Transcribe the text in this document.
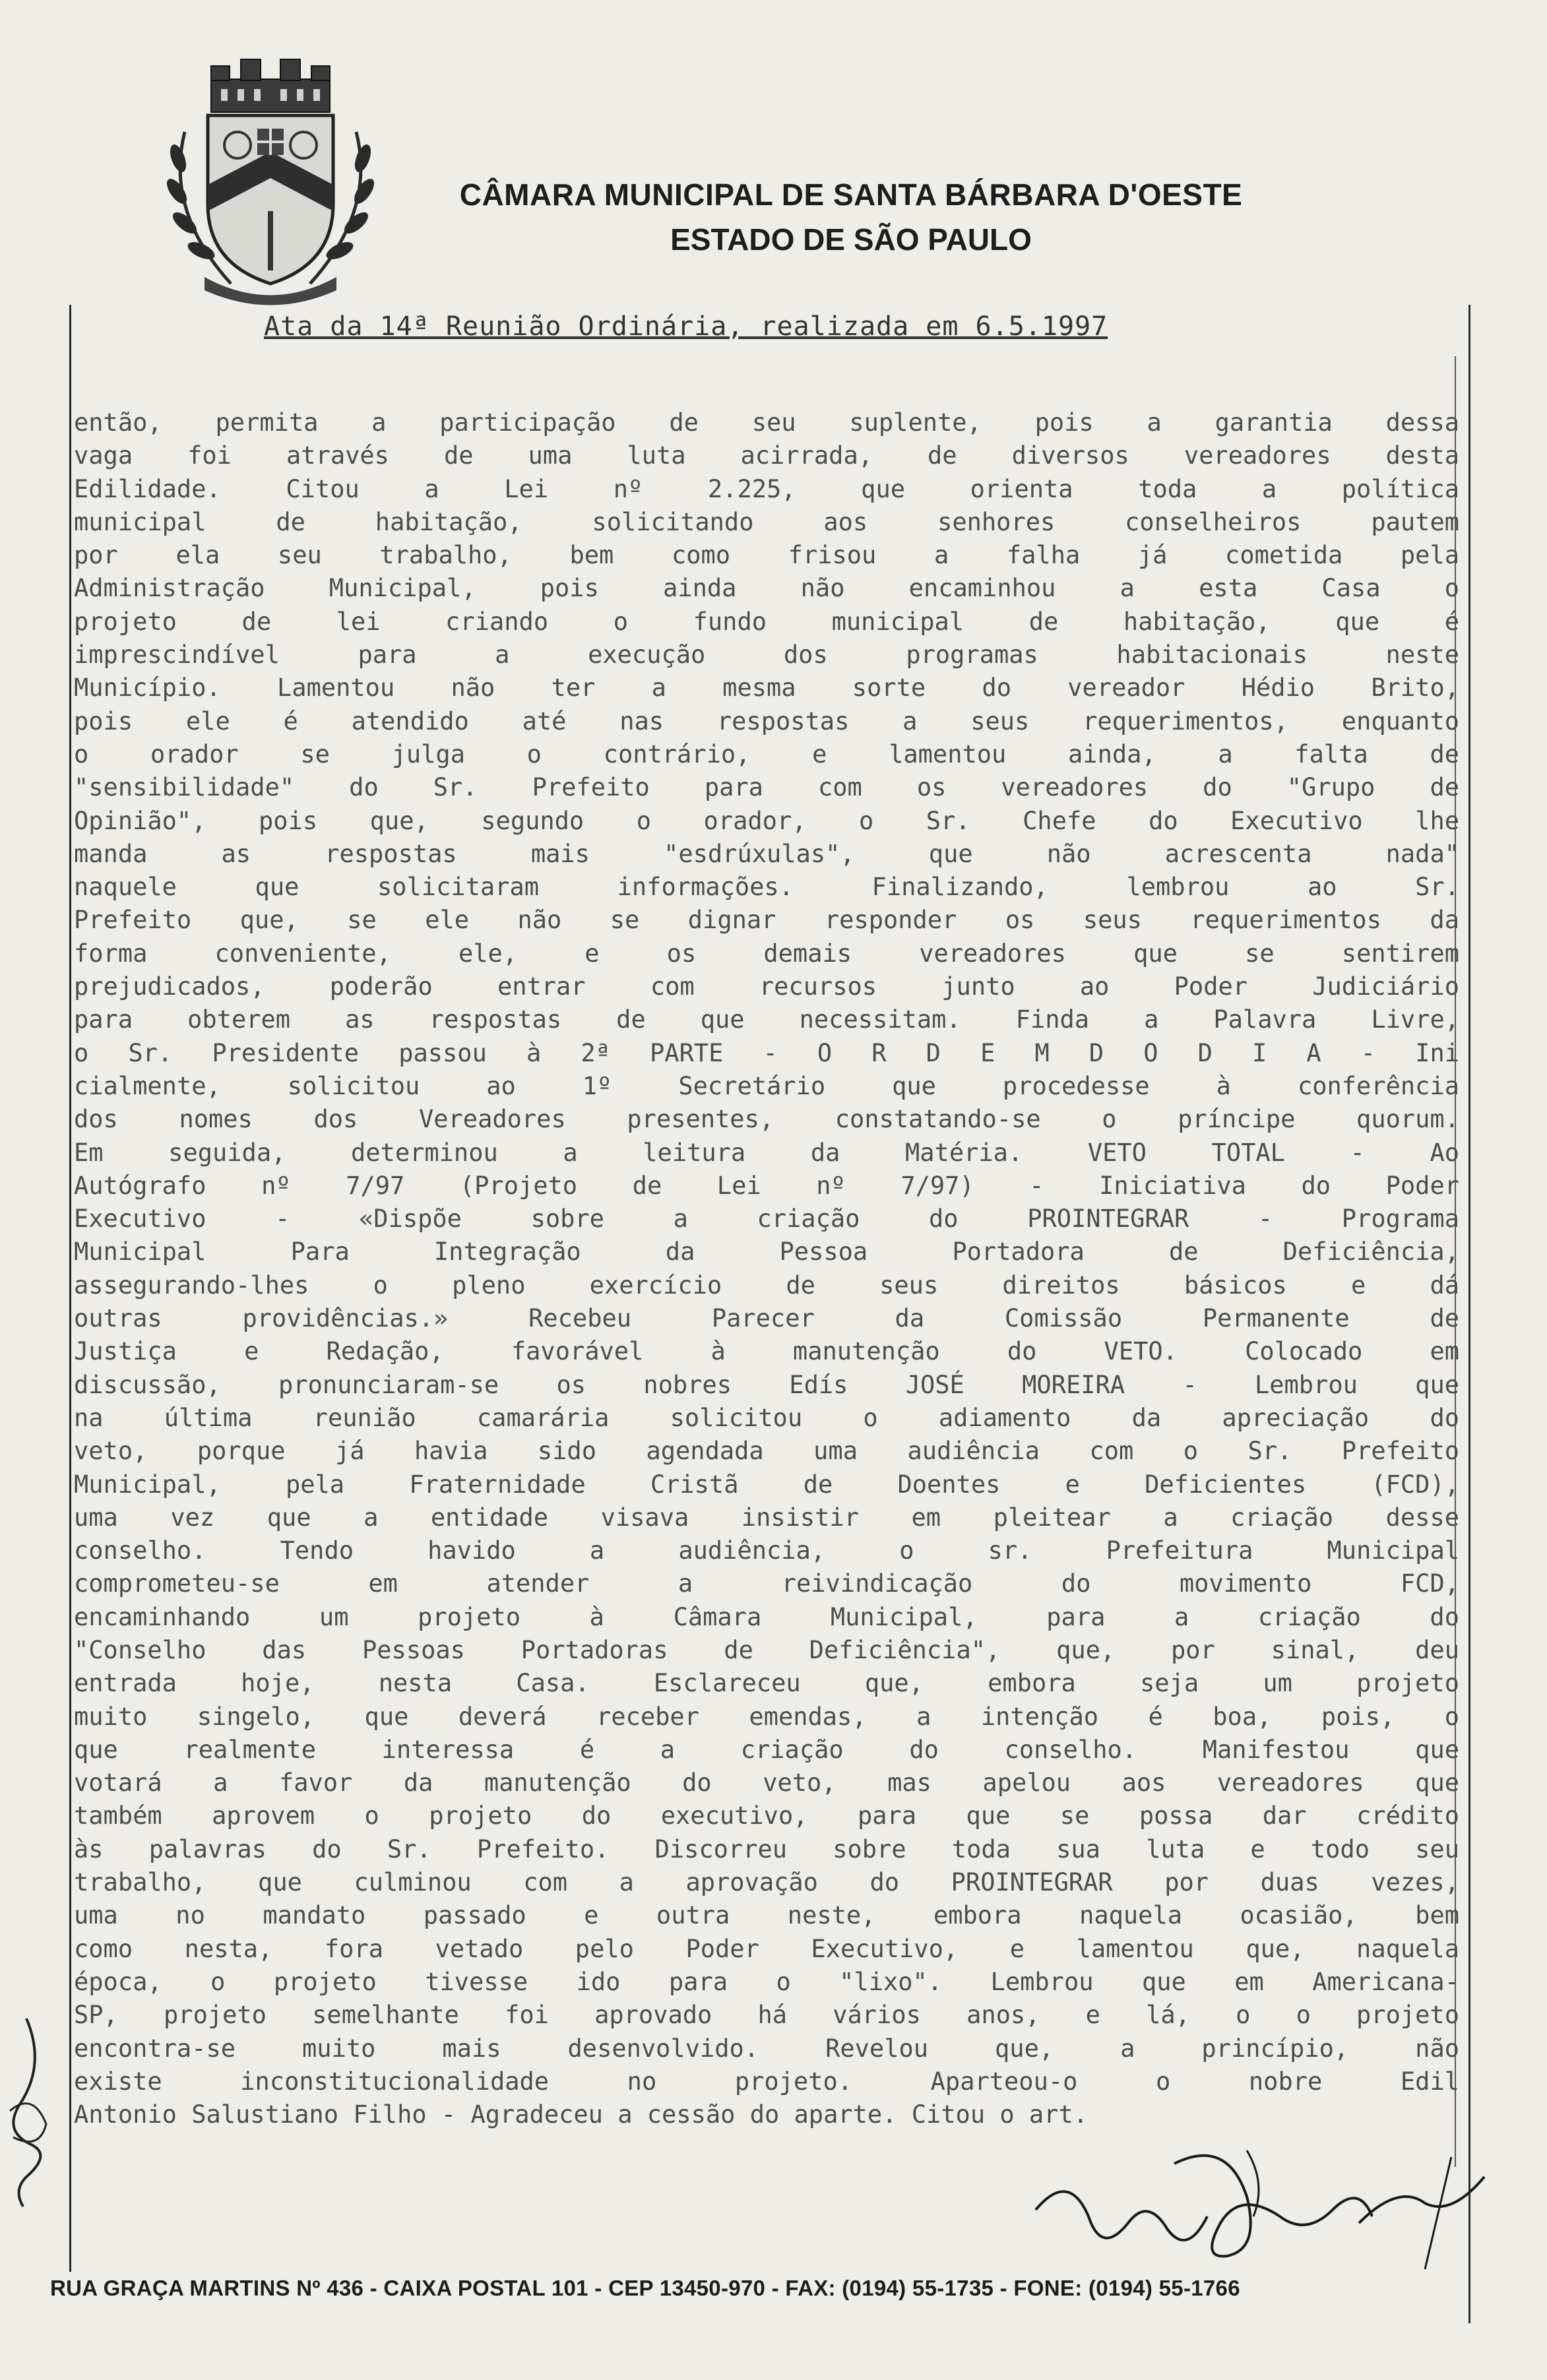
CÂMARA MUNICIPAL DE SANTA BÁRBARA D'OESTE
ESTADO DE SÃO PAULO
Ata da 14ª Reunião Ordinária, realizada em 6.5.1997
então, permita a participação de seu suplente, pois a garantia dessa
vaga foi através de uma luta acirrada, de diversos vereadores desta
Edilidade. Citou a Lei nº 2.225, que orienta toda a política
municipal de habitação, solicitando aos senhores conselheiros pautem
por ela seu trabalho, bem como frisou a falha já cometida pela
Administração Municipal, pois ainda não encaminhou a esta Casa o
projeto de lei criando o fundo municipal de habitação, que é
imprescindível para a execução dos programas habitacionais neste
Município. Lamentou não ter a mesma sorte do vereador Hédio Brito,
pois ele é atendido até nas respostas a seus requerimentos, enquanto
o orador se julga o contrário, e lamentou ainda, a falta de
"sensibilidade" do Sr. Prefeito para com os vereadores do "Grupo de
Opinião", pois que, segundo o orador, o Sr. Chefe do Executivo lhe
manda as respostas mais "esdrúxulas", que não acrescenta nada"
naquele que solicitaram informações. Finalizando, lembrou ao Sr.
Prefeito que, se ele não se dignar responder os seus requerimentos da
forma conveniente, ele, e os demais vereadores que se sentirem
prejudicados, poderão entrar com recursos junto ao Poder Judiciário
para obterem as respostas de que necessitam. Finda a Palavra Livre,
o Sr. Presidente passou à 2ª PARTE - O R D E M D O D I A - Ini
cialmente, solicitou ao 1º Secretário que procedesse à conferência
dos nomes dos Vereadores presentes, constatando-se o príncipe quorum.
Em seguida, determinou a leitura da Matéria. VETO TOTAL - Ao
Autógrafo nº 7/97 (Projeto de Lei nº 7/97) - Iniciativa do Poder
Executivo - «Dispõe sobre a criação do PROINTEGRAR - Programa
Municipal Para Integração da Pessoa Portadora de Deficiência,
assegurando-lhes o pleno exercício de seus direitos básicos e dá
outras providências.» Recebeu Parecer da Comissão Permanente de
Justiça e Redação, favorável à manutenção do VETO. Colocado em
discussão, pronunciaram-se os nobres Edís JOSÉ MOREIRA - Lembrou que
na última reunião camarária solicitou o adiamento da apreciação do
veto, porque já havia sido agendada uma audiência com o Sr. Prefeito
Municipal, pela Fraternidade Cristã de Doentes e Deficientes (FCD),
uma vez que a entidade visava insistir em pleitear a criação desse
conselho. Tendo havido a audiência, o sr. Prefeitura Municipal
comprometeu-se em atender a reivindicação do movimento FCD,
encaminhando um projeto à Câmara Municipal, para a criação do
"Conselho das Pessoas Portadoras de Deficiência", que, por sinal, deu
entrada hoje, nesta Casa. Esclareceu que, embora seja um projeto
muito singelo, que deverá receber emendas, a intenção é boa, pois, o
que realmente interessa é a criação do conselho. Manifestou que
votará a favor da manutenção do veto, mas apelou aos vereadores que
também aprovem o projeto do executivo, para que se possa dar crédito
às palavras do Sr. Prefeito. Discorreu sobre toda sua luta e todo seu
trabalho, que culminou com a aprovação do PROINTEGRAR por duas vezes,
uma no mandato passado e outra neste, embora naquela ocasião, bem
como nesta, fora vetado pelo Poder Executivo, e lamentou que, naquela
época, o projeto tivesse ido para o "lixo". Lembrou que em Americana-
SP, projeto semelhante foi aprovado há vários anos, e lá, o o projeto
encontra-se muito mais desenvolvido. Revelou que, a princípio, não
existe inconstitucionalidade no projeto. Aparteou-o o nobre Edil
Antonio Salustiano Filho - Agradeceu a cessão do aparte. Citou o art.
RUA GRAÇA MARTINS Nº 436 - CAIXA POSTAL 101 - CEP 13450-970 - FAX: (0194) 55-1735 - FONE: (0194) 55-1766
